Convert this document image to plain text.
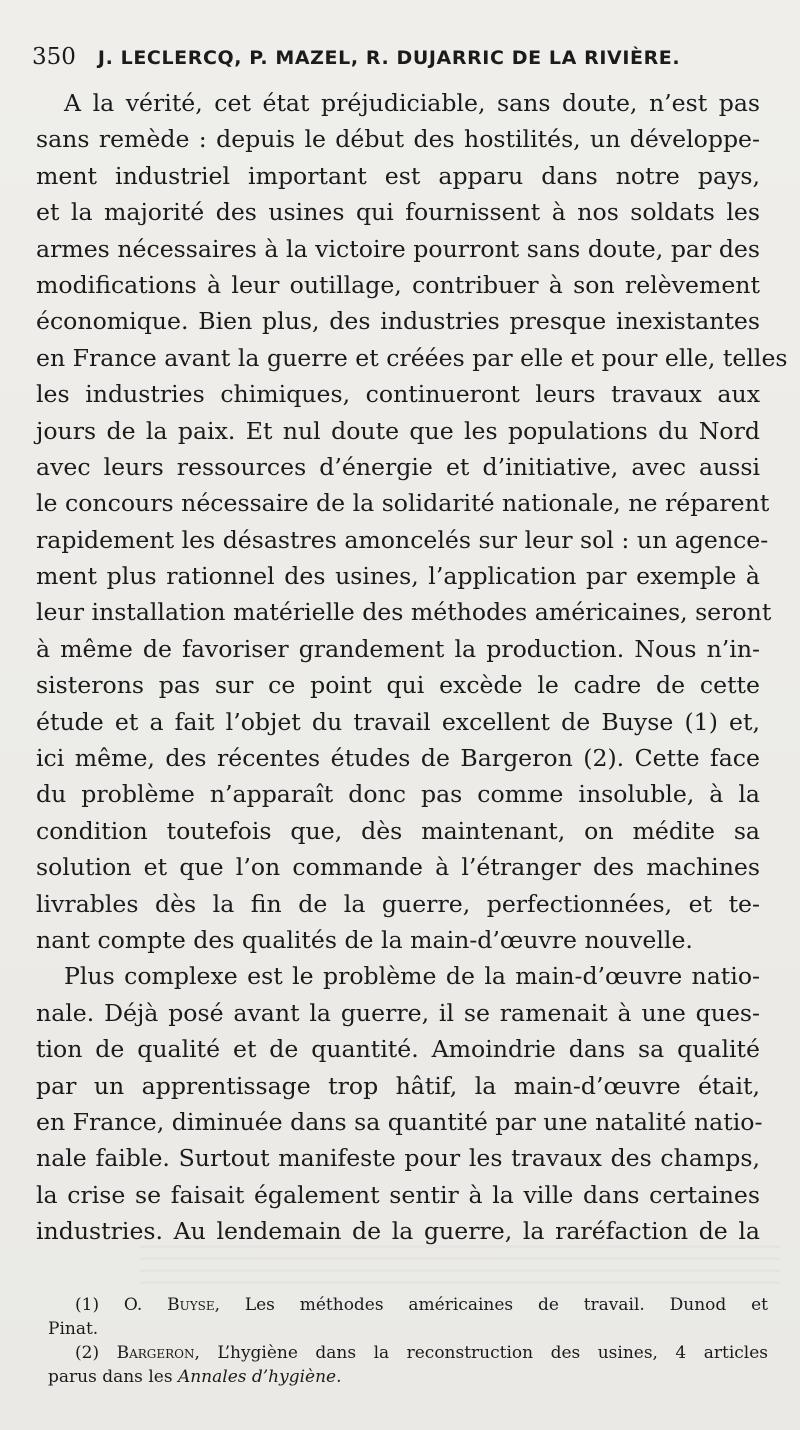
350 J. LECLERCQ, P. MAZEL, R. DUJARRIC DE LA RIVIÈRE.
A la vérité, cet état préjudiciable, sans doute, n’est pas
sans remède : depuis le début des hostilités, un développe-
ment industriel important est apparu dans notre pays,
et la majorité des usines qui fournissent à nos soldats les
armes nécessaires à la victoire pourront sans doute, par des
modifications à leur outillage, contribuer à son relèvement
économique. Bien plus, des industries presque inexistantes
en France avant la guerre et créées par elle et pour elle, telles
les industries chimiques, continueront leurs travaux aux
jours de la paix. Et nul doute que les populations du Nord
avec leurs ressources d’énergie et d’initiative, avec aussi
le concours nécessaire de la solidarité nationale, ne réparent
rapidement les désastres amoncelés sur leur sol : un agence-
ment plus rationnel des usines, l’application par exemple à
leur installation matérielle des méthodes américaines, seront
à même de favoriser grandement la production. Nous n’in-
sisterons pas sur ce point qui excède le cadre de cette
étude et a fait l’objet du travail excellent de Buyse (1) et,
ici même, des récentes études de Bargeron (2). Cette face
du problème n’apparaît donc pas comme insoluble, à la
condition toutefois que, dès maintenant, on médite sa
solution et que l’on commande à l’étranger des machines
livrables dès la fin de la guerre, perfectionnées, et te-
nant compte des qualités de la main-d’œuvre nouvelle.
Plus complexe est le problème de la main-d’œuvre natio-
nale. Déjà posé avant la guerre, il se ramenait à une ques-
tion de qualité et de quantité. Amoindrie dans sa qualité
par un apprentissage trop hâtif, la main-d’œuvre était,
en France, diminuée dans sa quantité par une natalité natio-
nale faible. Surtout manifeste pour les travaux des champs,
la crise se faisait également sentir à la ville dans certaines
industries. Au lendemain de la guerre, la raréfaction de la
(1) O. Buyse, Les méthodes américaines de travail. Dunod et
Pinat.
(2) Bargeron, L’hygiène dans la reconstruction des usines, 4 articles
parus dans les Annales d’hygiène.
